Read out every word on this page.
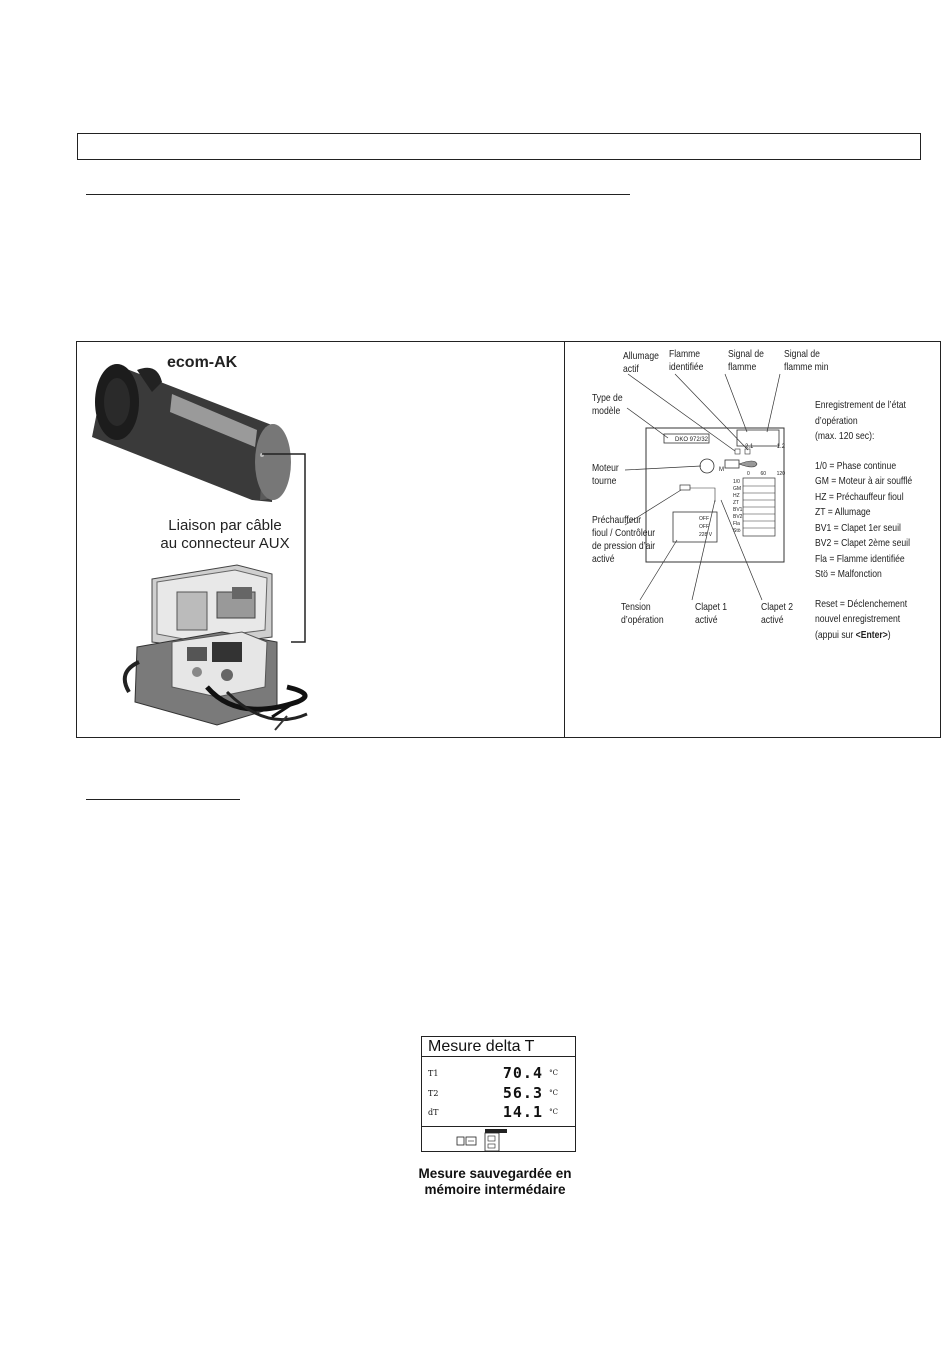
ecom-AK
Liaison par câble
au connecteur AUX
DKO 972/32
2.1	1.2
M
0 60 120
1/0
GM
HZ
ZT
BV1
BV2
Fla
Stö
OFF
OFF
228 V
Allumage
actif
Flamme
identifiée
Signal de
flamme
Signal de
flamme min
Type de
modèle
Moteur
tourne
Préchauffeur
fioul / Contrôleur
de pression d’air
activé
Tension
d’opération
Clapet 1
activé
Clapet 2
activé
Enregistrement de l’état
d’opération
(max. 120 sec):
1/0 = Phase continue
GM = Moteur à air soufflé
HZ = Préchauffeur fioul
ZT = Allumage
BV1 = Clapet 1er seuil
BV2 = Clapet 2ème seuil
Fla = Flamme identifiée
Stö = Malfonction
Reset = Déclenchement
nouvel enregistrement
(appui sur <Enter>)
Mesure delta T
T1	70.4 °C
T2	56.3 °C
dT	14.1 °C
Mesure sauvegardée en
mémoire intermédaire
